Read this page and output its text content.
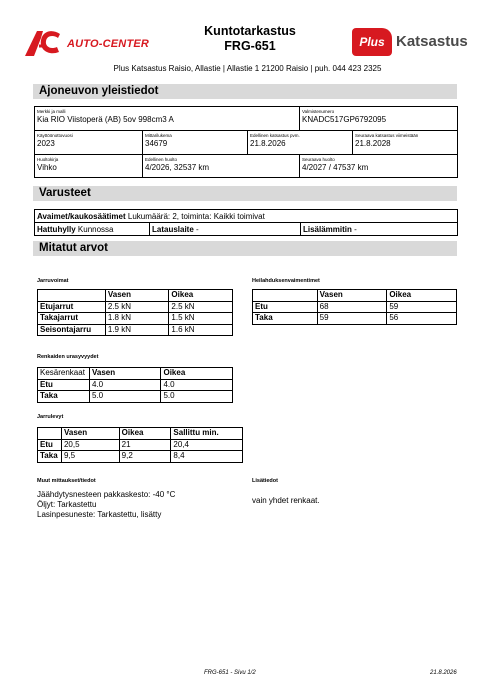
AUTO-CENTER
Kuntotarkastus
FRG-651	Plus Katsastus
Plus Katsastus Raisio, Allastie | Allastie 1 21200 Raisio | puh. 044 423 2325
Ajoneuvon yleistiedot
Merkki ja malli
Kia RIO Viistoperä (AB) 5ov 998cm3 A
Valmistenumero
KNADC517GP6792095
Käyttöönottovuosi
2023
Mittarilukema
34679
Edellinen katsastus pvm.
21.8.2026
Seuraava katsastus viimeistään
21.8.2028
Huoltokirja
Vihko
Edellinen huolto
4/2026, 32537 km
Seuraava huolto
4/2027 / 47537 km
Varusteet
Avaimet/kaukosäätimet Lukumäärä: 2, toiminta: Kaikki toimivat
Hattuhylly Kunnossa	Latauslaite -	Lisälämmitin -
Mitatut arvot
Jarruvoimat
	Vasen	Oikea
Etujarrut	2.5 kN	2.5 kN
Takajarrut	1.8 kN	1.5 kN
Seisontajarru	1.9 kN	1.6 kN
Heilahduksenvaimentimet
	Vasen	Oikea
Etu	68	59
Taka	59	56
Renkaiden urasyvyydet
Kesärenkaat	Vasen	Oikea
Etu	4.0	4.0
Taka	5.0	5.0
Jarrulevyt
	Vasen	Oikea	Sallittu min.
Etu	20,5	21	20,4
Taka	9,5	9,2	8,4
Muut mittaukset/tiedot
Jäähdytysnesteen pakkaskesto: -40 °C
Öljyt: Tarkastettu
Lasinpesuneste: Tarkastettu, lisätty
Lisätiedot
vain yhdet renkaat.
FRG-651 - Sivu 1/2	21.8.2026
